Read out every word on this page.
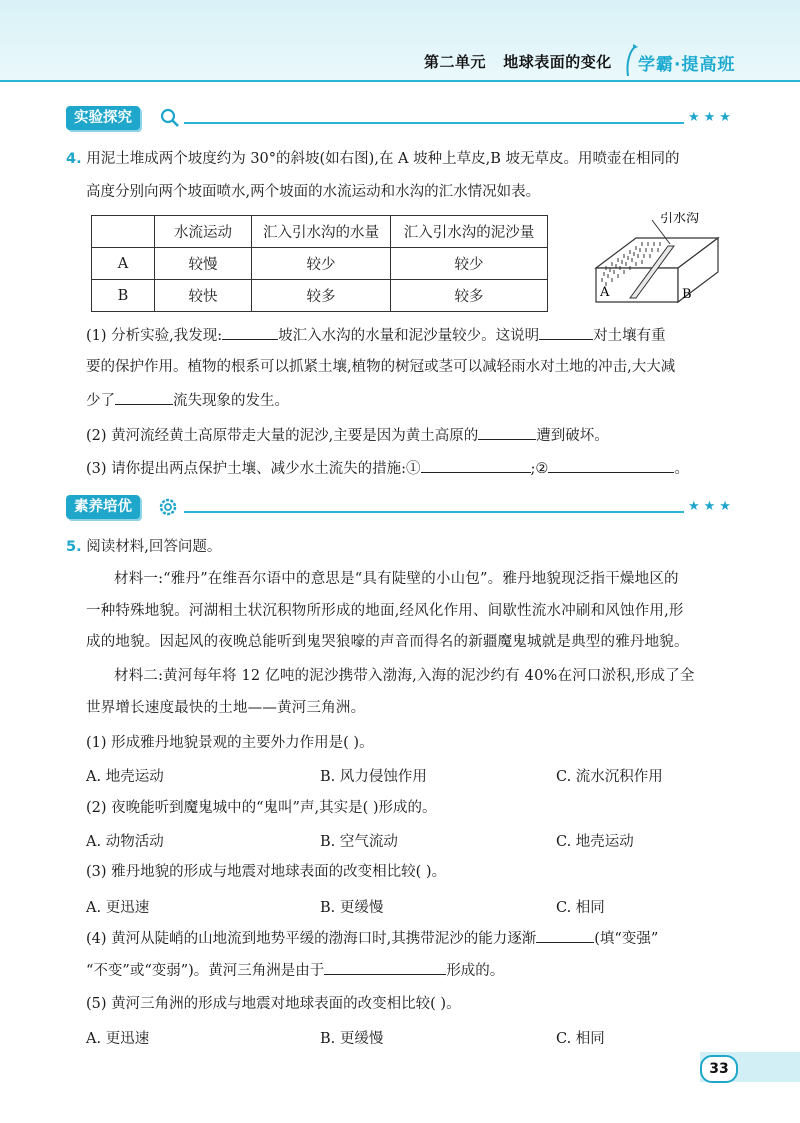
第二单元 地球表面的变化 学霸·提高班
实验探究	★★★
4. 用泥土堆成两个坡度约为 30°的斜坡(如右图),在 A 坡种上草皮,B 坡无草皮。用喷壶在相同的
高度分别向两个坡面喷水,两个坡面的水流运动和水沟的汇水情况如表。
	水流运动	汇入引水沟的水量	汇入引水沟的泥沙量
A	较慢	较少	较少
B	较快	较多	较多
引水沟
A	B
(1) 分析实验,我发现:	坡汇入水沟的水量和泥沙量较少。这说明	对土壤有重
要的保护作用。植物的根系可以抓紧土壤,植物的树冠或茎可以减轻雨水对土地的冲击,大大减
少了	流失现象的发生。
(2) 黄河流经黄土高原带走大量的泥沙,主要是因为黄土高原的	遭到破坏。
(3) 请你提出两点保护土壤、减少水土流失的措施:①	;②	。
素养培优	★★★
5. 阅读材料,回答问题。
材料一:“雅丹”在维吾尔语中的意思是“具有陡壁的小山包”。雅丹地貌现泛指干燥地区的
一种特殊地貌。河湖相土状沉积物所形成的地面,经风化作用、间歇性流水冲刷和风蚀作用,形
成的地貌。因起风的夜晚总能听到鬼哭狼嚎的声音而得名的新疆魔鬼城就是典型的雅丹地貌。
材料二:黄河每年将 12 亿吨的泥沙携带入渤海,入海的泥沙约有 40%在河口淤积,形成了全
世界增长速度最快的土地——黄河三角洲。
(1) 形成雅丹地貌景观的主要外力作用是( )。
A. 地壳运动	B. 风力侵蚀作用	C. 流水沉积作用
(2) 夜晚能听到魔鬼城中的“鬼叫”声,其实是( )形成的。
A. 动物活动	B. 空气流动	C. 地壳运动
(3) 雅丹地貌的形成与地震对地球表面的改变相比较( )。
A. 更迅速	B. 更缓慢	C. 相同
(4) 黄河从陡峭的山地流到地势平缓的渤海口时,其携带泥沙的能力逐渐	(填“变强”
“不变”或“变弱”)。黄河三角洲是由于	形成的。
(5) 黄河三角洲的形成与地震对地球表面的改变相比较( )。
A. 更迅速	B. 更缓慢	C. 相同
33
